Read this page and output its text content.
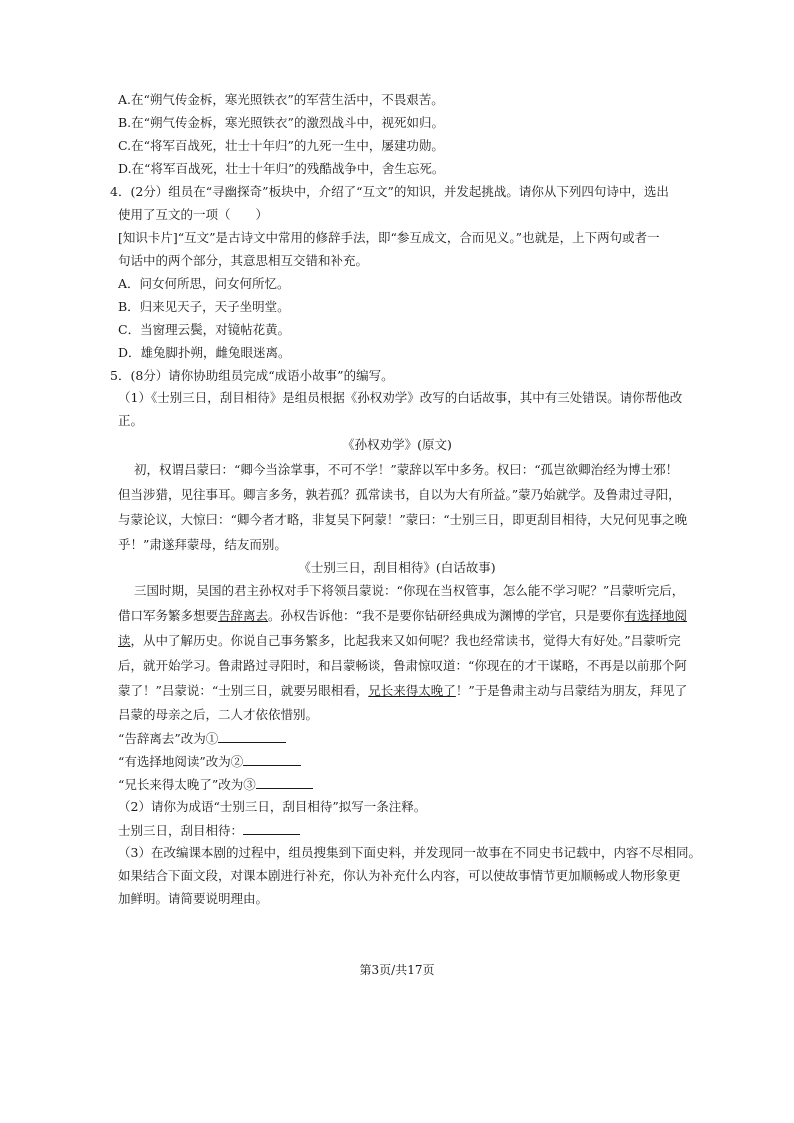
A.在“朔气传金柝，寒光照铁衣”的军营生活中，不畏艰苦。
B.在“朔气传金柝，寒光照铁衣”的激烈战斗中，视死如归。
C.在“将军百战死，壮士十年归”的九死一生中，屡建功勋。
D.在“将军百战死，壮士十年归”的残酷战争中，舍生忘死。
4．(2分）组员在“寻幽探奇”板块中，介绍了“互文”的知识，并发起挑战。请你从下列四句诗中，选出
使用了互文的一项（　　）
[知识卡片]“互文”是古诗文中常用的修辞手法，即“参互成文，合而见义。”也就是，上下两句或者一
句话中的两个部分，其意思相互交错和补充。
A．问女何所思，问女何所忆。
B．归来见天子，天子坐明堂。
C．当窗理云鬓，对镜帖花黄。
D．雄兔脚扑朔，雌兔眼迷离。
5．(8分）请你协助组员完成“成语小故事”的编写。
（1）《士别三日，刮目相待》是组员根据《孙权劝学》改写的白话故事，其中有三处错误。请你帮他改
正。
《孙权劝学》(原文)
初，权谓吕蒙曰：“卿今当涂掌事，不可不学！”蒙辞以军中多务。权曰：“孤岂欲卿治经为博士邪！
但当涉猎，见往事耳。卿言多务，孰若孤？孤常读书，自以为大有所益。”蒙乃始就学。及鲁肃过寻阳，
与蒙论议，大惊曰：“卿今者才略，非复吴下阿蒙！”蒙曰：“士别三日，即更刮目相待，大兄何见事之晚
乎！”肃遂拜蒙母，结友而别。
《士别三日，刮目相待》(白话故事)
三国时期，吴国的君主孙权对手下将领吕蒙说：“你现在当权管事，怎么能不学习呢？”吕蒙听完后，
借口军务繁多想要告辞离去。孙权告诉他：“我不是要你钻研经典成为渊博的学官，只是要你有选择地阅
读，从中了解历史。你说自己事务繁多，比起我来又如何呢？我也经常读书，觉得大有好处。”吕蒙听完
后，就开始学习。鲁肃路过寻阳时，和吕蒙畅谈，鲁肃惊叹道：“你现在的才干谋略，不再是以前那个阿
蒙了！”吕蒙说：“士别三日，就要另眼相看，兄长来得太晚了！”于是鲁肃主动与吕蒙结为朋友，拜见了
吕蒙的母亲之后，二人才依依惜别。
“告辞离去”改为①
“有选择地阅读”改为②
“兄长来得太晚了”改为③
（2）请你为成语“士别三日，刮目相待”拟写一条注释。
士别三日，刮目相待：
（3）在改编课本剧的过程中，组员搜集到下面史料，并发现同一故事在不同史书记载中，内容不尽相同。
如果结合下面文段，对课本剧进行补充，你认为补充什么内容，可以使故事情节更加顺畅或人物形象更
加鲜明。请简要说明理由。
第3页/共17页
